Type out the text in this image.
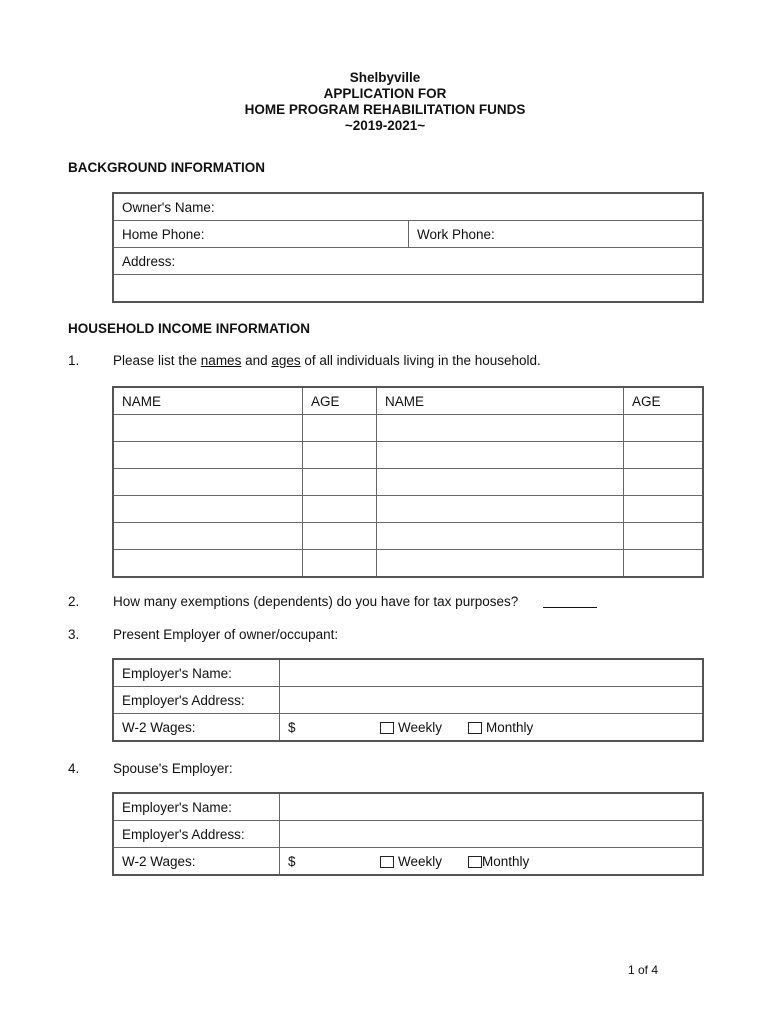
Shelbyville
APPLICATION FOR
HOME PROGRAM REHABILITATION FUNDS
~2019-2021~
BACKGROUND INFORMATION
Owner's Name:
Home Phone:	Work Phone:
Address:

HOUSEHOLD INCOME INFORMATION
1. Please list the names and ages of all individuals living in the household.
NAME	AGE	NAME	AGE

2. How many exemptions (dependents) do you have for tax purposes?
3. Present Employer of owner/occupant:
Employer's Name:	
Employer's Address:	
W-2 Wages:	$ Weekly Monthly
4. Spouse's Employer:
Employer's Name:	
Employer's Address:	
W-2 Wages:	$ Weekly Monthly
1 of 4
